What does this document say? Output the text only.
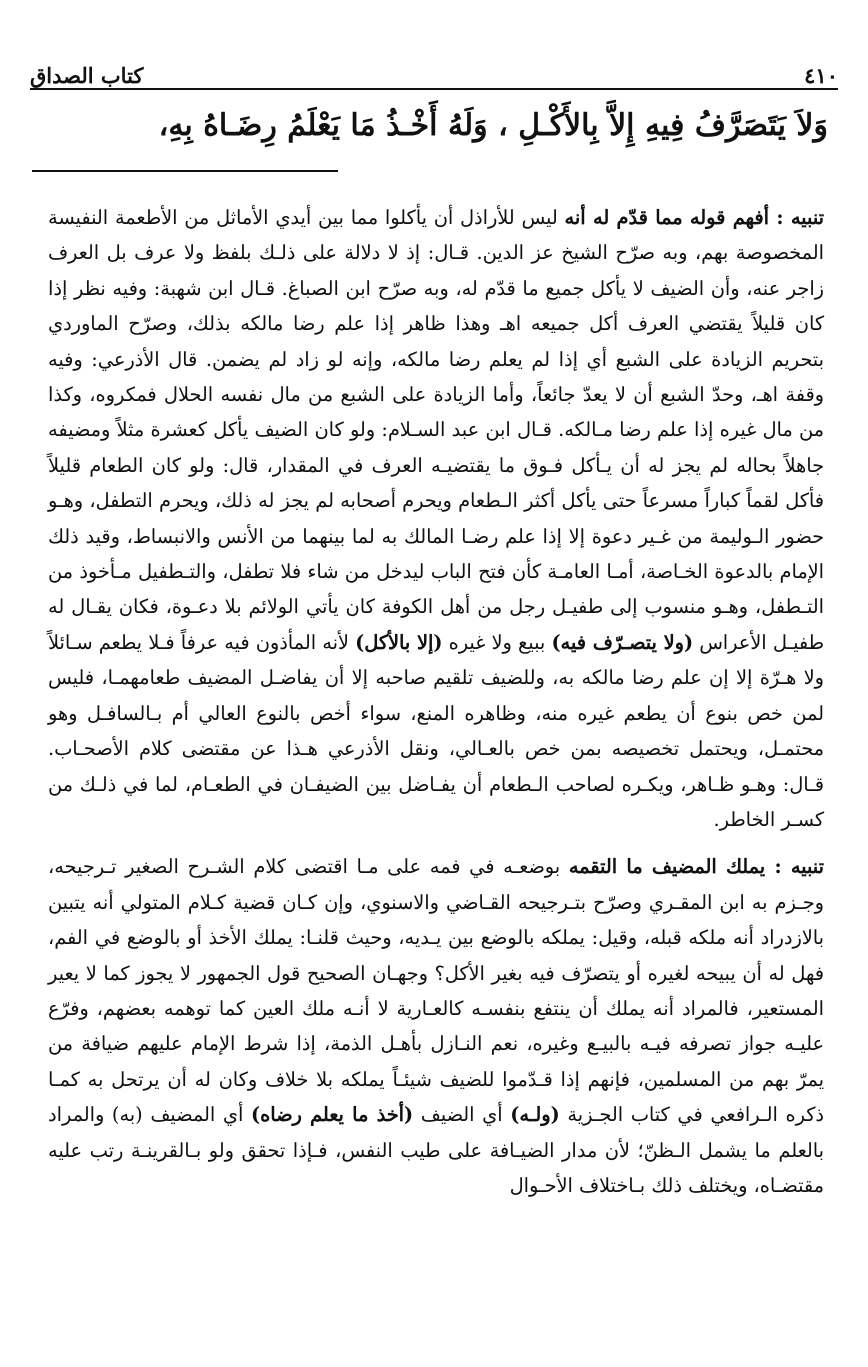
٤١٠
كتاب الصداق
وَلاَ يَتَصَرَّفُ فِيهِ إِلاَّ بِالأَكْـلِ ، وَلَهُ أَخْـذُ مَا يَعْلَمُ رِضَـاهُ بِهِ،

تنبيه : أفهم قوله مما قدّم له أنه ليس للأراذل أن يأكلوا مما بين أيدي الأماثل من الأطعمة النفيسة المخصوصة بهم، وبه صرّح الشيخ عز الدين. قـال: إذ لا دلالة على ذلـك بلفظ ولا عرف بل العرف زاجر عنه، وأن الضيف لا يأكل جميع ما قدّم له، وبه صرّح ابن الصباغ. قـال ابن شهبة: وفيه نظر إذا كان قليلاً يقتضي العرف أكل جميعه اهـ وهذا ظاهر إذا علم رضا مالكه بذلك، وصرّح الماوردي بتحريم الزيادة على الشبع أي إذا لم يعلم رضا مالكه، وإنه لو زاد لم يضمن. قال الأذرعي: وفيه وقفة اهـ، وحدّ الشبع أن لا يعدّ جائعاً، وأما الزيادة على الشبع من مال نفسه الحلال فمكروه، وكذا من مال غيره إذا علم رضا مـالكه. قـال ابن عبد السـلام: ولو كان الضيف يأكل كعشرة مثلاً ومضيفه جاهلاً بحاله لم يجز له أن يـأكل فـوق ما يقتضيـه العرف في المقدار، قال: ولو كان الطعام قليلاً فأكل لقماً كباراً مسرعاً حتى يأكل أكثر الـطعام ويحرم أصحابه لم يجز له ذلك، ويحرم التطفل، وهـو حضور الـوليمة من غـير دعوة إلا إذا علم رضـا المالك به لما بينهما من الأنس والانبساط، وقيد ذلك الإمام بالدعوة الخـاصة، أمـا العامـة كأن فتح الباب ليدخل من شاء فلا تطفل، والتـطفيل مـأخوذ من التـطفل، وهـو منسوب إلى طفيـل رجل من أهل الكوفة كان يأتي الولائم بلا دعـوة، فكان يقـال له طفيـل الأعراس (ولا يتصـرّف فيه) ببيع ولا غيره (إلا بالأكل) لأنه المأذون فيه عرفاً فـلا يطعم سـائلاً ولا هـرّة إلا إن علم رضا مالكه به، وللضيف تلقيم صاحبه إلا أن يفاضـل المضيف طعامهمـا، فليس لمن خص بنوع أن يطعم غيره منه، وظاهره المنع، سواء أخص بالنوع العالي أم بـالسافـل وهو محتمـل، ويحتمل تخصيصه بمن خص بالعـالي، ونقل الأذرعي هـذا عن مقتضى كلام الأصحـاب. قـال: وهـو ظـاهر، ويكـره لصاحب الـطعام أن يفـاضل بين الضيفـان في الطعـام، لما في ذلـك من كسـر الخاطر.

تنبيه : يملك المضيف ما التقمه بوضعـه في فمه على مـا اقتضى كلام الشـرح الصغير تـرجيحه، وجـزم به ابن المقـري وصرّح بتـرجيحه القـاضي والاسنوي، وإن كـان قضية كـلام المتولي أنه يتبين بالازدراد أنه ملكه قبله، وقيل: يملكه بالوضع بين يـديه، وحيث قلنـا: يملك الأخذ أو بالوضع في الفم، فهل له أن يبيحه لغيره أو يتصرّف فيه بغير الأكل؟ وجهـان الصحيح قول الجمهور لا يجوز كما لا يعير المستعير، فالمراد أنه يملك أن ينتفع بنفسـه كالعـارية لا أنـه ملك العين كما توهمه بعضهم، وفرّع عليـه جواز تصرفه فيـه بالبيـع وغيره، نعم النـازل بأهـل الذمة، إذا شرط الإمام عليهم ضيافة من يمرّ بهم من المسلمين، فإنهم إذا قـدّموا للضيف شيئـاً يملكه بلا خلاف وكان له أن يرتحل به كمـا ذكره الـرافعي في كتاب الجـزية (ولـه) أي الضيف (أخذ ما يعلم رضاه) أي المضيف (به) والمراد بالعلم ما يشمل الـظنّ؛ لأن مدار الضيـافة على طيب النفس، فـإذا تحقق ولو بـالقرينـة رتب عليه مقتضـاه، ويختلف ذلك بـاختلاف الأحـوال
